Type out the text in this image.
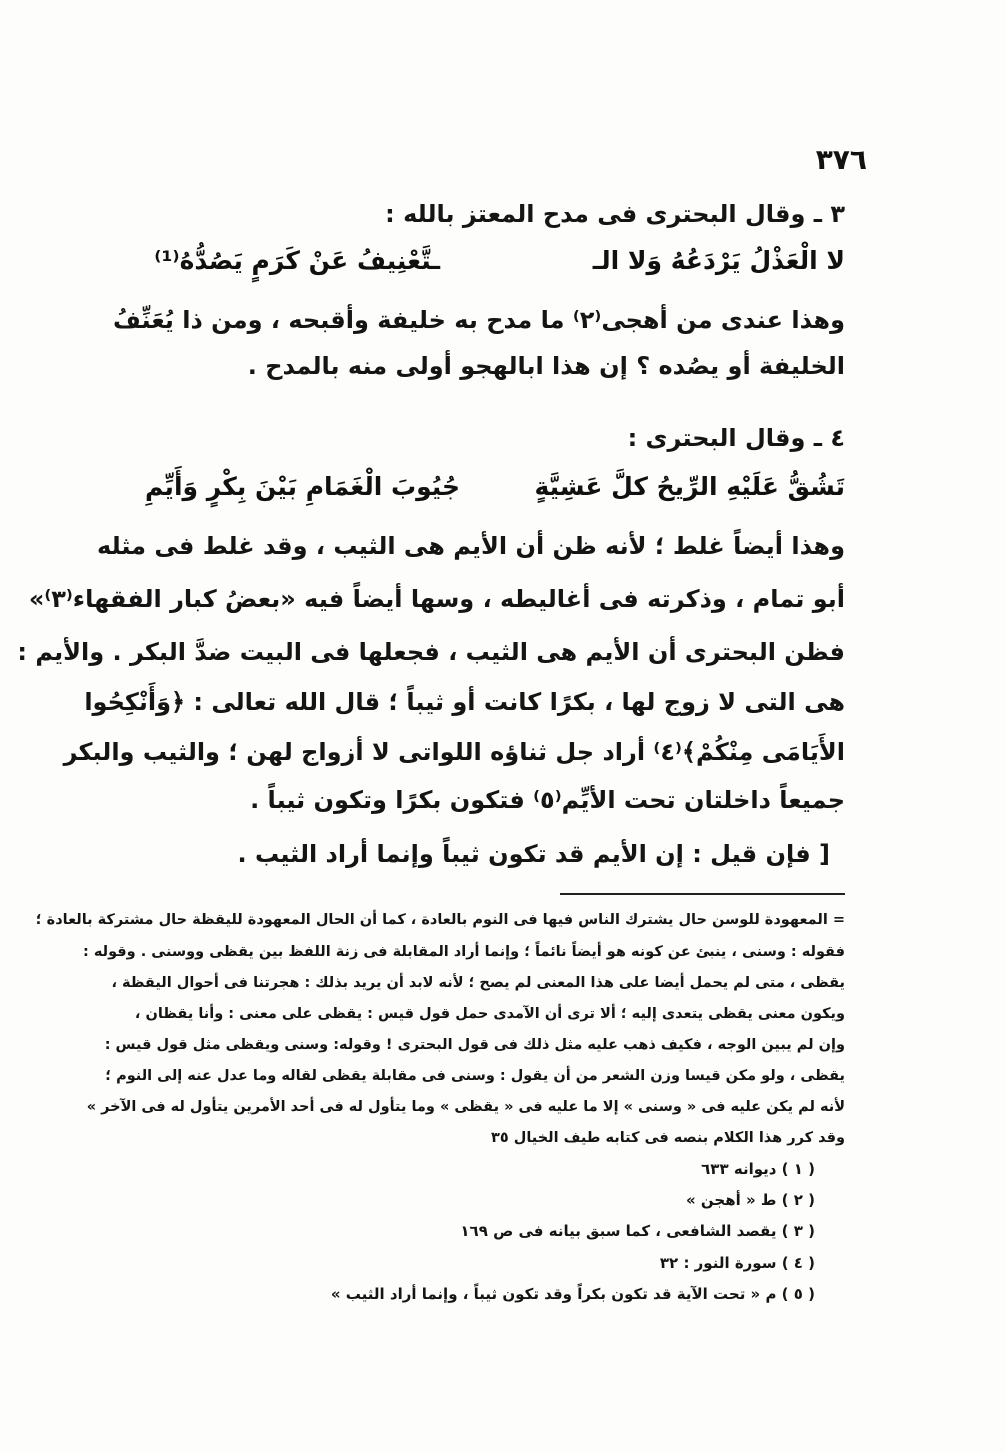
٣٧٦
٣ ـ وقال البحترى فى مدح المعتز بالله :
لا الْعَذْلُ يَرْدَعُهُ وَلا الـ
ـتَّعْنِيفُ عَنْ كَرَمٍ يَصُدُّهُ⁽¹⁾
وهذا عندى من أهجى⁽٢⁾ ما مدح به خليفة وأقبحه ، ومن ذا يُعَنِّفُ
الخليفة أو يصُده ؟ إن هذا ابالهجو أولى منه بالمدح .
٤ ـ وقال البحترى :
تَشُقُّ عَلَيْهِ الرِّيحُ كلَّ عَشِيَّةٍ
جُيُوبَ الْغَمَامِ بَيْنَ بِكْرٍ وَأَيِّمِ
وهذا أيضاً غلط ؛ لأنه ظن أن الأيم هى الثيب ، وقد غلط فى مثله
أبو تمام ، وذكرته فى أغاليطه ، وسها أيضاً فيه «بعضُ كبار الفقهاء⁽٣⁾»
فظن البحترى أن الأيم هى الثيب ، فجعلها فى البيت ضدَّ البكر . والأيم :
هى التى لا زوج لها ، بكرًا كانت أو ثيباً ؛ قال الله تعالى : ﴿وَأَنْكِحُوا
الأَيَامَى مِنْكُمْ﴾⁽٤⁾ أراد جل ثناؤه اللواتى لا أزواج لهن ؛ والثيب والبكر
جميعاً داخلتان تحت الأيِّم⁽٥⁾ فتكون بكرًا وتكون ثيباً .
[ فإن قيل : إن الأيم قد تكون ثيباً وإنما أراد الثيب .
= المعهودة للوسن حال يشترك الناس فيها فى النوم بالعادة ، كما أن الحال المعهودة لليقظة حال مشتركة بالعادة ؛
فقوله : وسنى ، ينبئ عن كونه هو أيضاً نائماً ؛ وإنما أراد المقابلة فى زنة اللفظ بين يقظى ووسنى . وقوله :
يقظى ، متى لم يحمل أيضا على هذا المعنى لم يصح ؛ لأنه لابد أن يريد بذلك : هجرتنا فى أحوال اليقظة ،
ويكون معنى يقظى يتعدى إليه ؛ ألا ترى أن الآمدى حمل قول قيس : يقظى على معنى : وأنا يقظان ،
وإن لم يبين الوجه ، فكيف ذهب عليه مثل ذلك فى قول البحترى ! وقوله: وسنى ويقظى مثل قول قيس :
يقظى ، ولو مكن قيسا وزن الشعر من أن يقول : وسنى فى مقابلة يقظى لقاله وما عدل عنه إلى النوم ؛
لأنه لم يكن عليه فى « وسنى » إلا ما عليه فى « يقظى » وما يتأول له فى أحد الأمرين يتأول له فى الآخر »
وقد كرر هذا الكلام بنصه فى كتابه طيف الخيال ٣٥
( ١ ) ديوانه ٦٣٣
( ٢ ) ط « أهجن »
( ٣ ) يقصد الشافعى ، كما سبق بيانه فى ص ١٦٩
( ٤ ) سورة النور : ٣٢
( ٥ ) م « تحت الآية قد تكون بكراً وقد تكون ثيباً ، وإنما أراد الثيب »
